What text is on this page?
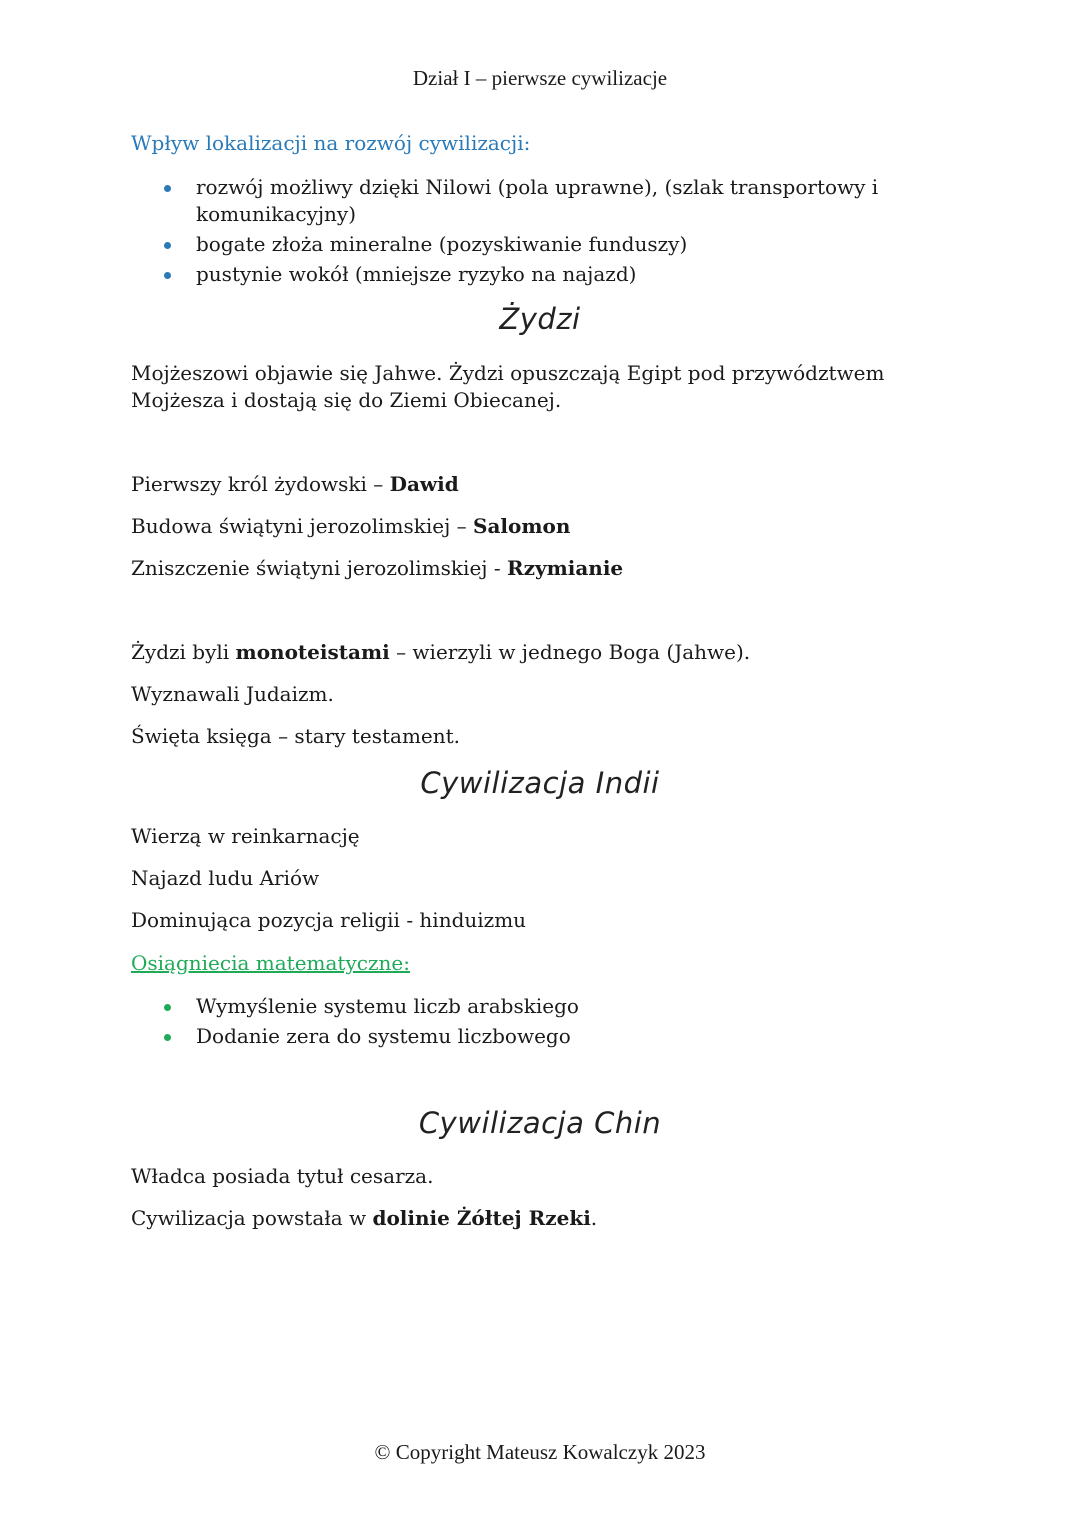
Dział I – pierwsze cywilizacje
Wpływ lokalizacji na rozwój cywilizacji:
rozwój możliwy dzięki Nilowi (pola uprawne), (szlak transportowy i komunikacyjny)
bogate złoża mineralne (pozyskiwanie funduszy)
pustynie wokół (mniejsze ryzyko na najazd)
Żydzi
Mojżeszowi objawie się Jahwe. Żydzi opuszczają Egipt pod przywództwem
Mojżesza i dostają się do Ziemi Obiecanej.
Pierwszy król żydowski – Dawid
Budowa świątyni jerozolimskiej – Salomon
Zniszczenie świątyni jerozolimskiej - Rzymianie
Żydzi byli monoteistami – wierzyli w jednego Boga (Jahwe).
Wyznawali Judaizm.
Święta księga – stary testament.
Cywilizacja Indii
Wierzą w reinkarnację
Najazd ludu Ariów
Dominująca pozycja religii - hinduizmu
Osiągniecia matematyczne:
Wymyślenie systemu liczb arabskiego
Dodanie zera do systemu liczbowego
Cywilizacja Chin
Władca posiada tytuł cesarza.
Cywilizacja powstała w dolinie Żółtej Rzeki.
© Copyright Mateusz Kowalczyk 2023
